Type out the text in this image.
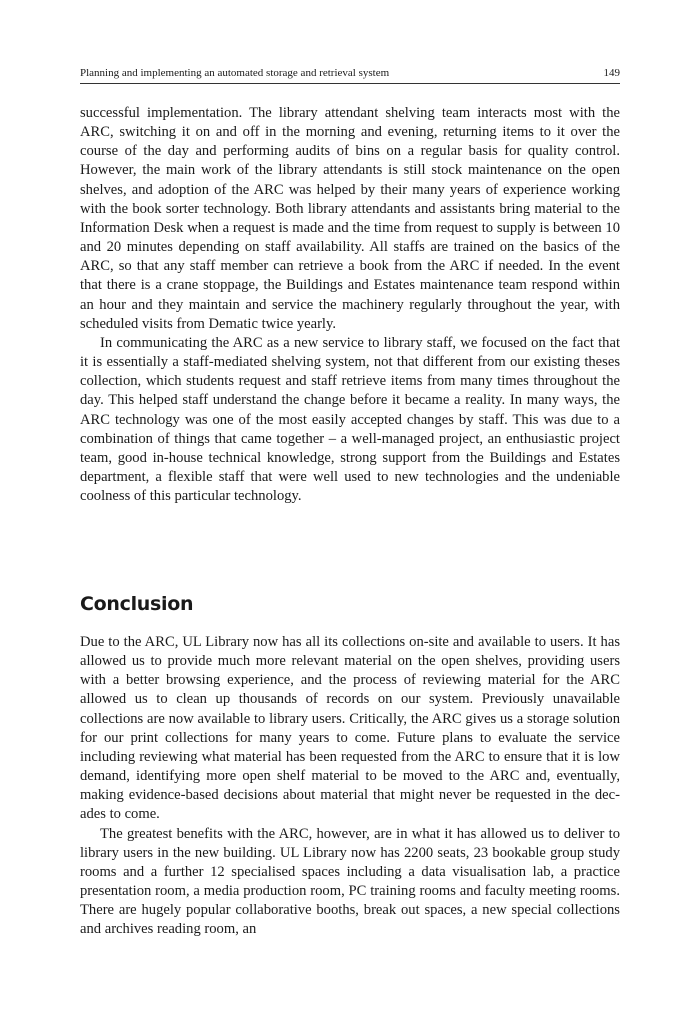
Planning and implementing an automated storage and retrieval system	149

successful implementation. The library attendant shelving team interacts most with the ARC, switching it on and off in the morning and evening, returning items to it over the course of the day and performing audits of bins on a regular basis for quality control. However, the main work of the library attendants is still stock maintenance on the open shelves, and adoption of the ARC was helped by their many years of experience working with the book sorter technology. Both library attendants and assistants bring material to the Information Desk when a request is made and the time from request to supply is between 10 and 20 minutes depending on staff availability. All staffs are trained on the basics of the ARC, so that any staff member can retrieve a book from the ARC if needed. In the event that there is a crane stoppage, the Buildings and Estates maintenance team respond within an hour and they maintain and service the machinery regularly throughout the year, with scheduled visits from Dematic twice yearly.

In communicating the ARC as a new service to library staff, we focused on the fact that it is essentially a staff-mediated shelving system, not that different from our existing theses collection, which students request and staff retrieve items from many times throughout the day. This helped staff understand the change before it became a reality. In many ways, the ARC technology was one of the most easily accepted changes by staff. This was due to a combination of things that came together – a well-managed project, an enthusiastic project team, good in-house technical knowledge, strong support from the Buildings and Estates department, a flexible staff that were well used to new technologies and the undeniable coolness of this particular technology.

Conclusion

Due to the ARC, UL Library now has all its collections on-site and available to users. It has allowed us to provide much more relevant material on the open shelves, providing users with a better browsing experience, and the process of reviewing material for the ARC allowed us to clean up thousands of records on our system. Previously unavailable collections are now available to library users. Critically, the ARC gives us a storage solution for our print collections for many years to come. Future plans to evaluate the service including reviewing what material has been requested from the ARC to ensure that it is low demand, identifying more open shelf material to be moved to the ARC and, eventually, making evidence-based decisions about material that might never be requested in the decades to come.

The greatest benefits with the ARC, however, are in what it has allowed us to deliver to library users in the new building. UL Library now has 2200 seats, 23 bookable group study rooms and a further 12 specialised spaces including a data visualisation lab, a practice presentation room, a media production room, PC training rooms and faculty meeting rooms. There are hugely popular collaborative booths, break out spaces, a new special collections and archives reading room, an
